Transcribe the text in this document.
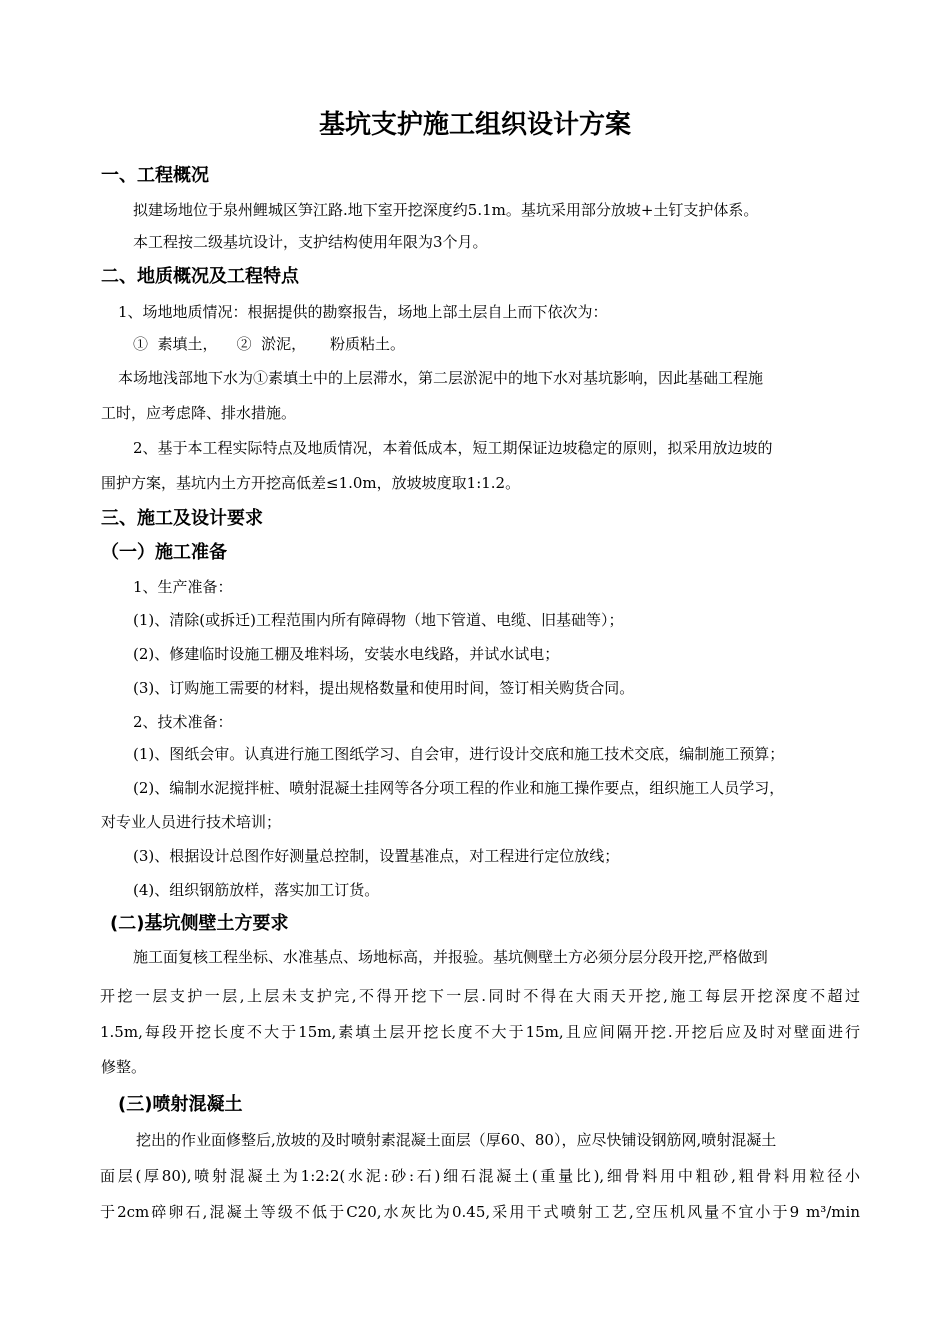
基坑支护施工组织设计方案
一、工程概况
拟建场地位于泉州鲤城区笋江路.地下室开挖深度约5.1m。基坑采用部分放坡+土钉支护体系。
本工程按二级基坑设计，支护结构使用年限为3个月。
二、地质概况及工程特点
1、场地地质情况：根据提供的勘察报告，场地上部土层自上而下依次为：
①  素填土，    ②  淤泥，     粉质粘土。
本场地浅部地下水为①素填土中的上层滞水，第二层淤泥中的地下水对基坑影响，因此基础工程施
工时，应考虑降、排水措施。
2、基于本工程实际特点及地质情况，本着低成本，短工期保证边坡稳定的原则，拟采用放边坡的
围护方案，基坑内土方开挖高低差≤1.0m，放坡坡度取1:1.2。
三、施工及设计要求
（一）施工准备
1、生产准备：
(1)、清除(或拆迁)工程范围内所有障碍物（地下管道、电缆、旧基础等）；
(2)、修建临时设施工棚及堆料场，安装水电线路，并试水试电；
(3)、订购施工需要的材料，提出规格数量和使用时间，签订相关购货合同。
2、技术准备：
(1)、图纸会审。认真进行施工图纸学习、自会审，进行设计交底和施工技术交底，编制施工预算；
(2)、编制水泥搅拌桩、喷射混凝土挂网等各分项工程的作业和施工操作要点，组织施工人员学习，
对专业人员进行技术培训；
(3)、根据设计总图作好测量总控制，设置基准点，对工程进行定位放线；
(4)、组织钢筋放样，落实加工订货。
(二)基坑侧壁土方要求
施工面复核工程坐标、水准基点、场地标高，并报验。基坑侧壁土方必须分层分段开挖,严格做到
开挖一层支护一层,上层未支护完,不得开挖下一层.同时不得在大雨天开挖,施工每层开挖深度不超过
1.5m,每段开挖长度不大于15m,素填土层开挖长度不大于15m,且应间隔开挖.开挖后应及时对壁面进行
修整。
(三)喷射混凝土
挖出的作业面修整后,放坡的及时喷射素混凝土面层（厚60、80），应尽快铺设钢筋网,喷射混凝土
面层(厚80),喷射混凝土为1:2:2(水泥:砂:石)细石混凝土(重量比),细骨料用中粗砂,粗骨料用粒径小
于2cm碎卵石,混凝土等级不低于C20,水灰比为0.45,采用干式喷射工艺,空压机风量不宜小于9 m³/min
